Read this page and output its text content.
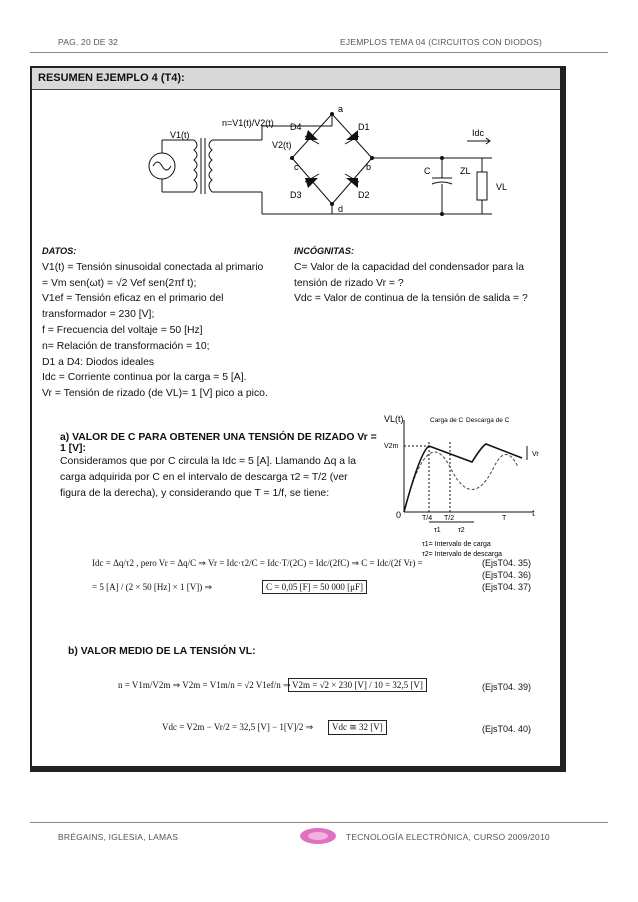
PAG. 20 DE 32	EJEMPLOS TEMA 04 (CIRCUITOS CON DIODOS)
RESUMEN EJEMPLO 4 (T4):
V1(t)
n=V1(t)/V2(t)
V2(t)
D4	D1
D3	D2
a
b
c
d
Idc
C	ZL
VL
DATOS:
V1(t) = Tensión sinusoidal conectada al primario
= Vm sen(ωt) = √2 Vef sen(2πf t);
V1ef = Tensión eficaz en el primario del
transformador = 230 [V];
f = Frecuencia del voltaje = 50 [Hz]
n= Relación de transformación = 10;
D1 a D4: Diodos ideales
Idc = Corriente continua por la carga = 5 [A].
Vr = Tensión de rizado (de VL)= 1 [V] pico a pico.
INCÓGNITAS:
C= Valor de la capacidad del condensador para la
tensión de rizado Vr = ?
Vdc = Valor de continua de la tensión de salida = ?
a) VALOR DE C PARA OBTENER UNA TENSIÓN DE RIZADO Vr = 1 [V]:
Consideramos que por C circula la Idc = 5 [A]. Llamando Δq a la
carga adquirida por C en el intervalo de descarga τ2 ≈ T/2 (ver
figura de la derecha), y considerando que T = 1/f, se tiene:
VL(t)	Carga de C Descarga de C
V2m
Vr
0	T/4 T/2	T
t
τ1 τ2
τ1= Intervalo de carga
τ2= Intervalo de descarga
Idc = Δq/τ2 , pero Vr = Δq/C ⇒ Vr = Idc·τ2/C = Idc·T/(2C) = Idc/(2fC) ⇒ C = Idc/(2f Vr) =
= 5 [A] / (2 × 50 [Hz] × 1 [V]) ⇒	C = 0,05 [F] = 50 000 [μF]
(EjsT04. 35)
(EjsT04. 36)
(EjsT04. 37)
b) VALOR MEDIO DE LA TENSIÓN VL:
n = V1m/V2m ⇒ V2m = V1m/n = √2 V1ef/n ⇒ V2m = √2 × 230 [V] / 10 = 32,5 [V]	(EjsT04. 39)
Vdc = V2m − Vr/2 = 32,5 [V] − 1[V]/2 ⇒	Vdc ≅ 32 [V]	(EjsT04. 40)
BRÉGAINS, IGLESIA, LAMAS	TECNOLOGÍA ELECTRÓNICA, CURSO 2009/2010
